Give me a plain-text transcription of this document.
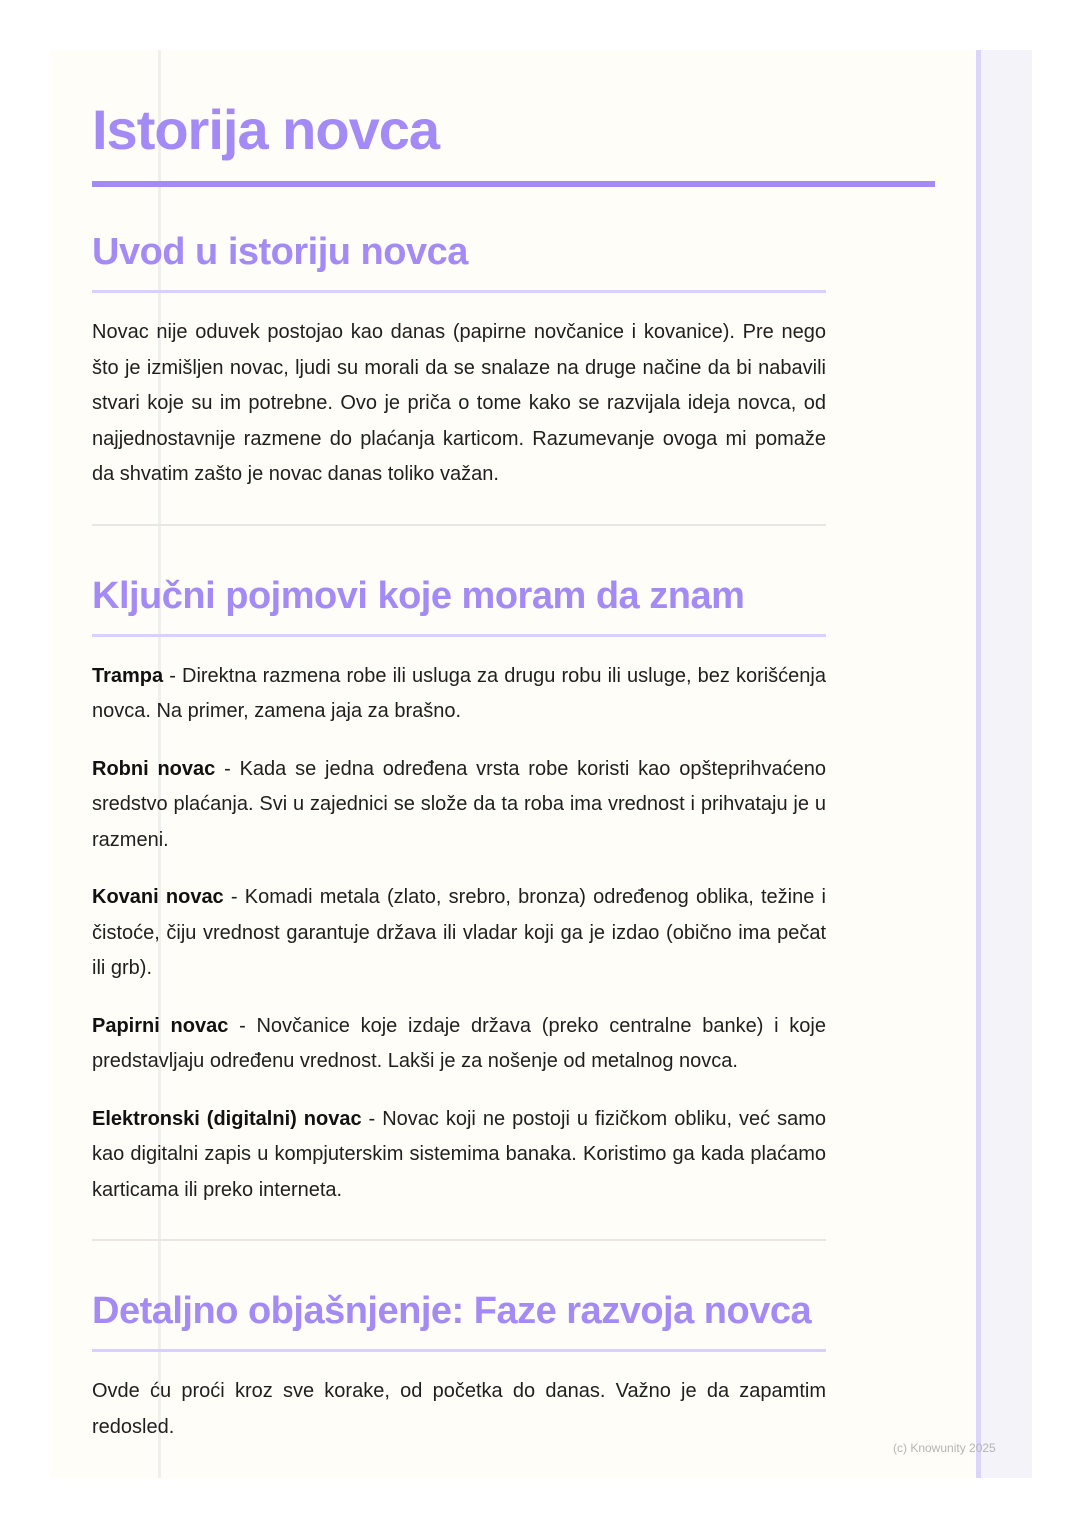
Istorija novca
Uvod u istoriju novca

Novac nije oduvek postojao kao danas (papirne novčanice i kovanice). Pre nego što je izmišljen novac, ljudi su morali da se snalaze na druge načine da bi nabavili stvari koje su im potrebne. Ovo je priča o tome kako se razvijala ideja novca, od najjednostavnije razmene do plaćanja karticom. Razumevanje ovoga mi pomaže da shvatim zašto je novac danas toliko važan.

Ključni pojmovi koje moram da znam

Trampa - Direktna razmena robe ili usluga za drugu robu ili usluge, bez korišćenja novca. Na primer, zamena jaja za brašno.

Robni novac - Kada se jedna određena vrsta robe koristi kao opšteprihvaćeno sredstvo plaćanja. Svi u zajednici se slože da ta roba ima vrednost i prihvataju je u razmeni.

Kovani novac - Komadi metala (zlato, srebro, bronza) određenog oblika, težine i čistoće, čiju vrednost garantuje država ili vladar koji ga je izdao (obično ima pečat ili grb).

Papirni novac - Novčanice koje izdaje država (preko centralne banke) i koje predstavljaju određenu vrednost. Lakši je za nošenje od metalnog novca.

Elektronski (digitalni) novac - Novac koji ne postoji u fizičkom obliku, već samo kao digitalni zapis u kompjuterskim sistemima banaka. Koristimo ga kada plaćamo karticama ili preko interneta.

Detaljno objašnjenje: Faze razvoja novca

Ovde ću proći kroz sve korake, od početka do danas. Važno je da zapamtim redosled.

(c) Knowunity 2025
